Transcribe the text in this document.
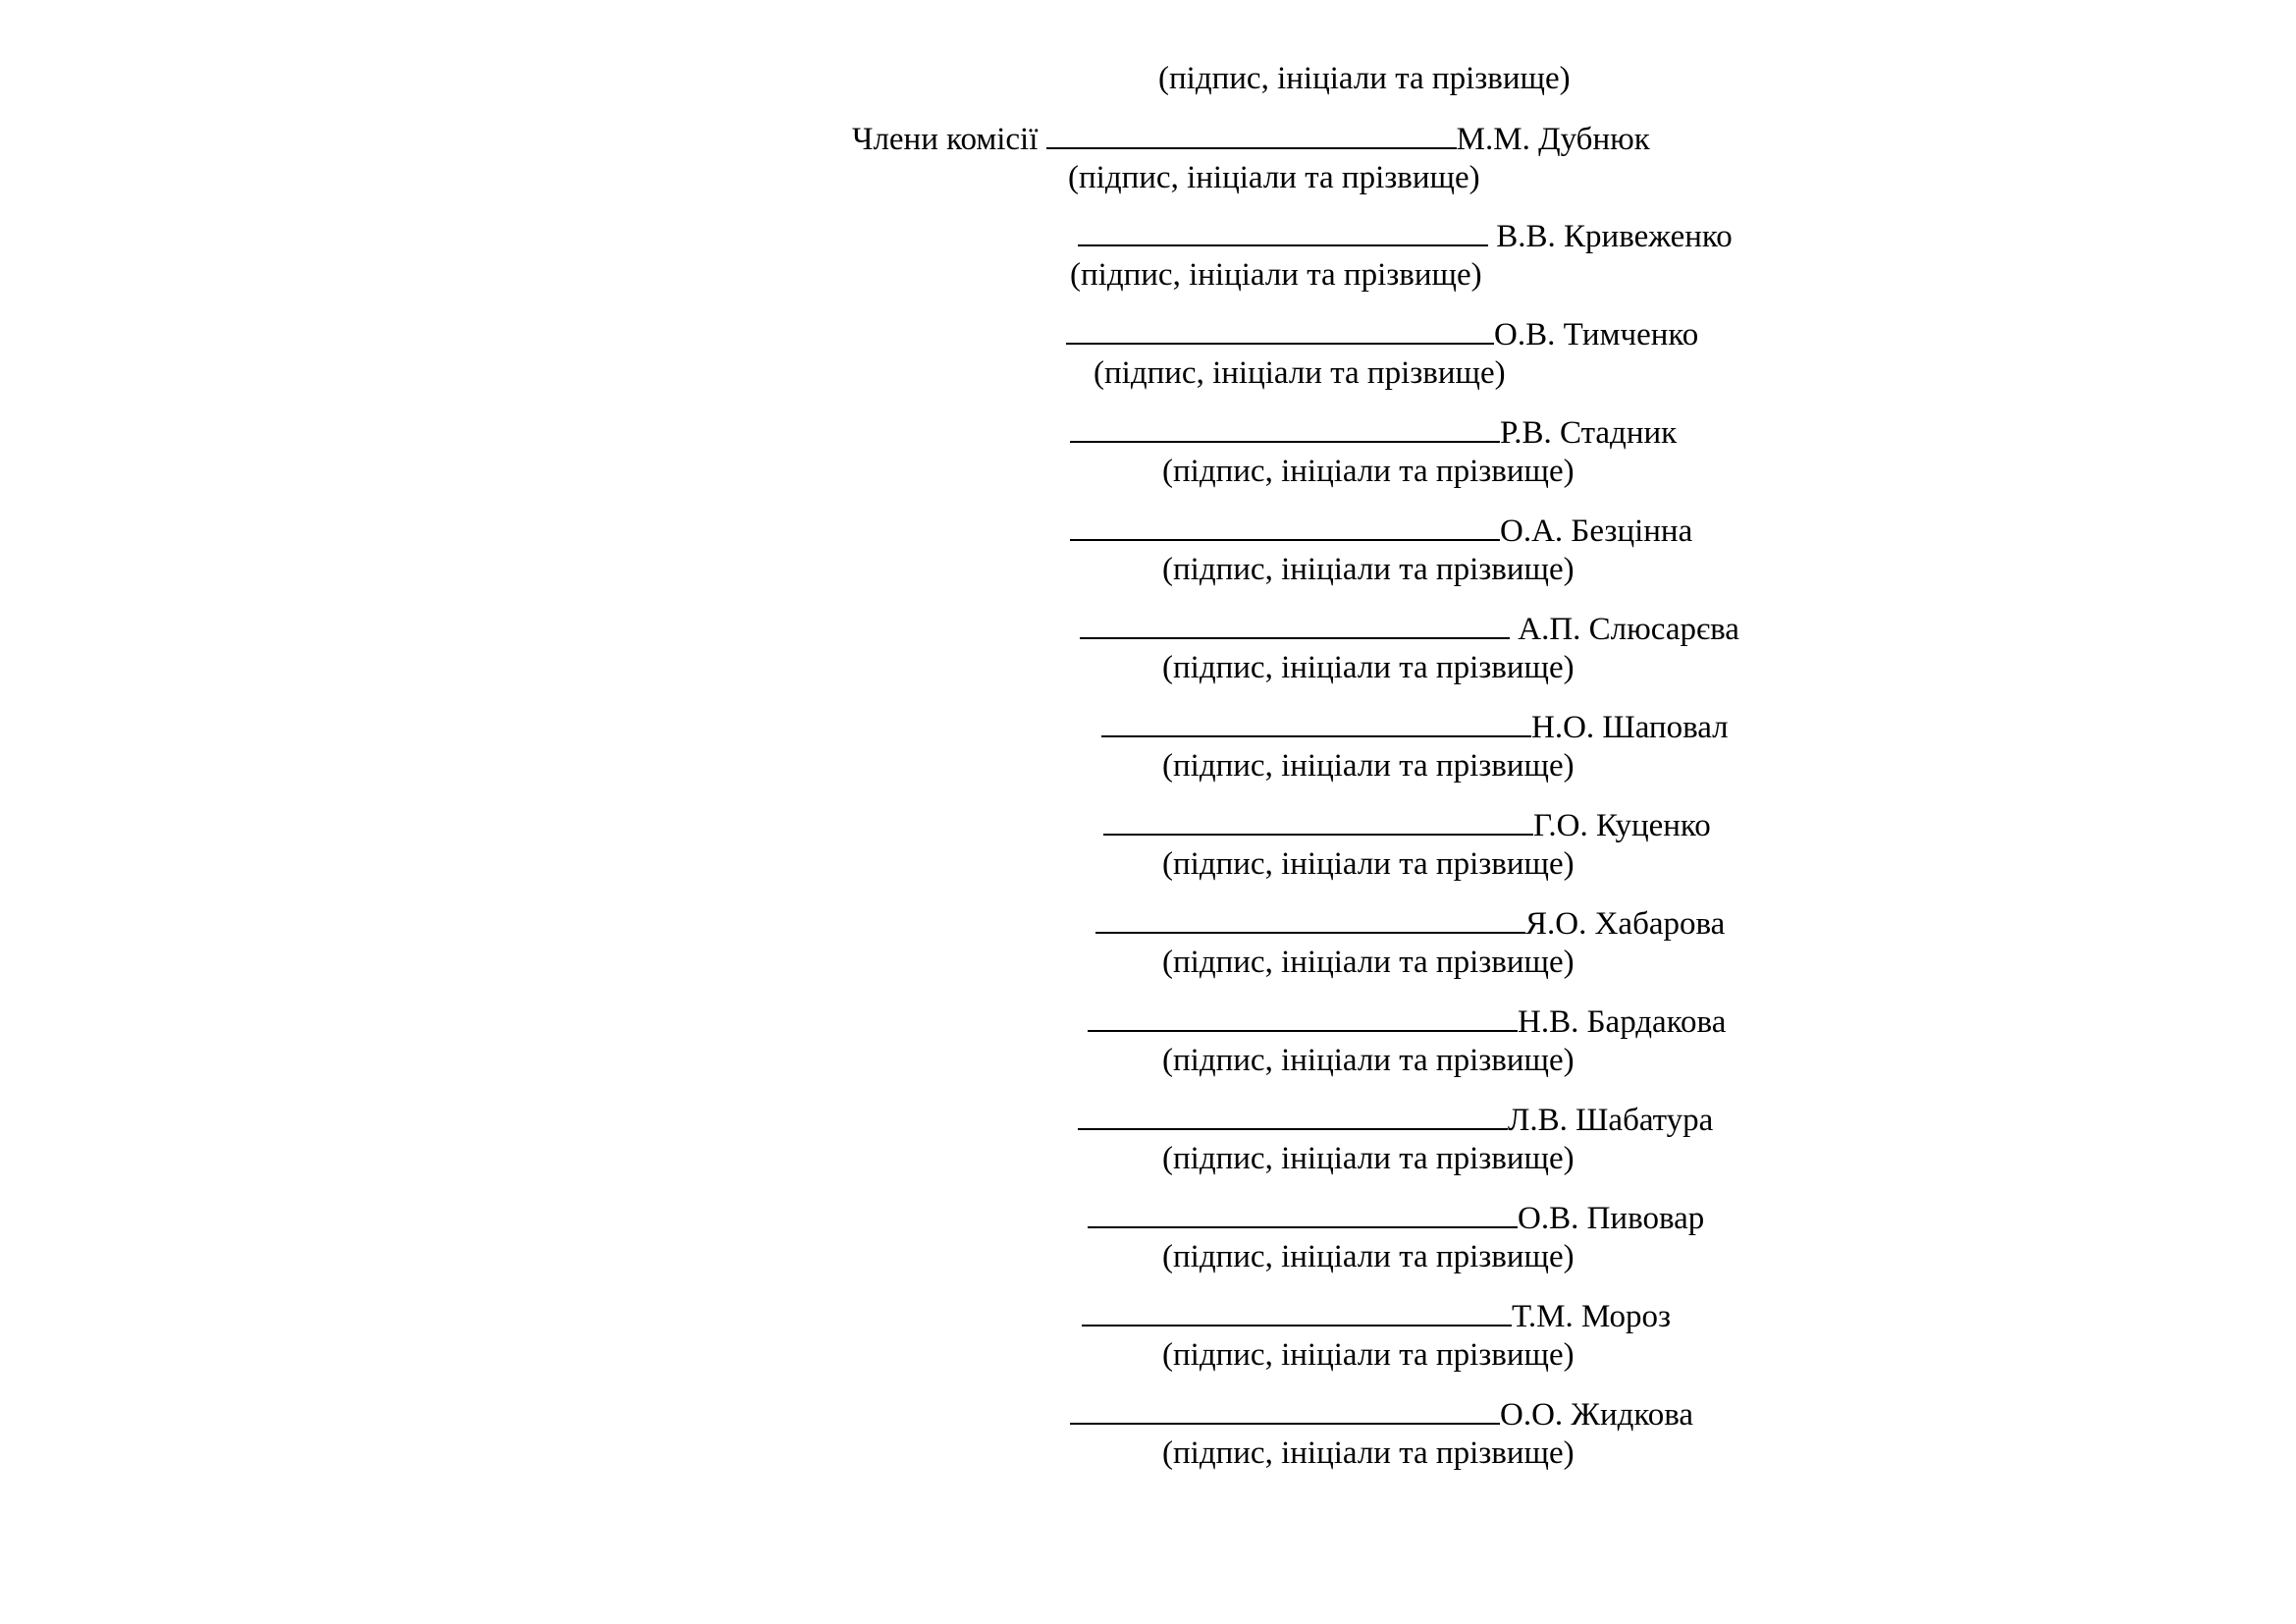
(підпис, ініціали та прізвище)
Члени комісії	М.М. Дубнюк
(підпис, ініціали та прізвище)
В.В. Кривеженко
(підпис, ініціали та прізвище)
О.В. Тимченко
(підпис, ініціали та прізвище)
Р.В. Стадник
(підпис, ініціали та прізвище)
О.А. Безцінна
(підпис, ініціали та прізвище)
А.П. Слюсарєва
(підпис, ініціали та прізвище)
Н.О. Шаповал
(підпис, ініціали та прізвище)
Г.О. Куценко
(підпис, ініціали та прізвище)
Я.О. Хабарова
(підпис, ініціали та прізвище)
Н.В. Бардакова
(підпис, ініціали та прізвище)
Л.В. Шабатура
(підпис, ініціали та прізвище)
О.В. Пивовар
(підпис, ініціали та прізвище)
Т.М. Мороз
(підпис, ініціали та прізвище)
О.О. Жидкова
(підпис, ініціали та прізвище)
